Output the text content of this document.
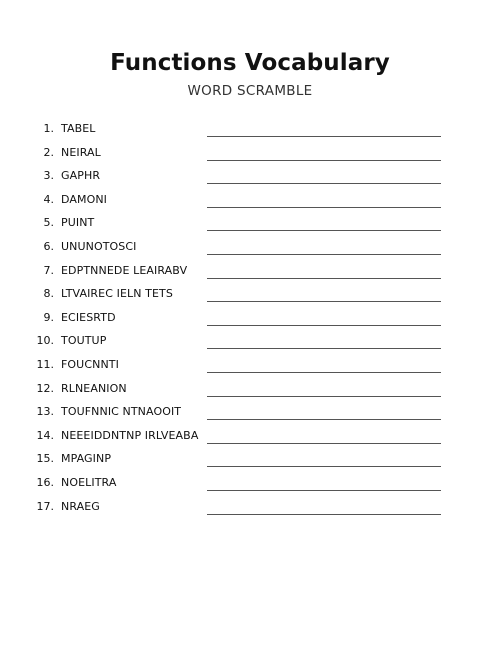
Functions Vocabulary
WORD SCRAMBLE
1. TABEL
2. NEIRAL
3. GAPHR
4. DAMONI
5. PUINT
6. UNUNOTOSCI
7. EDPTNNEDE LEAIRABV
8. LTVAIREC IELN TETS
9. ECIESRTD
10. TOUTUP
11. FOUCNNTI
12. RLNEANION
13. TOUFNNIC NTNAOOIT
14. NEEEIDDNTNP IRLVEABA
15. MPAGINP
16. NOELITRA
17. NRAEG
